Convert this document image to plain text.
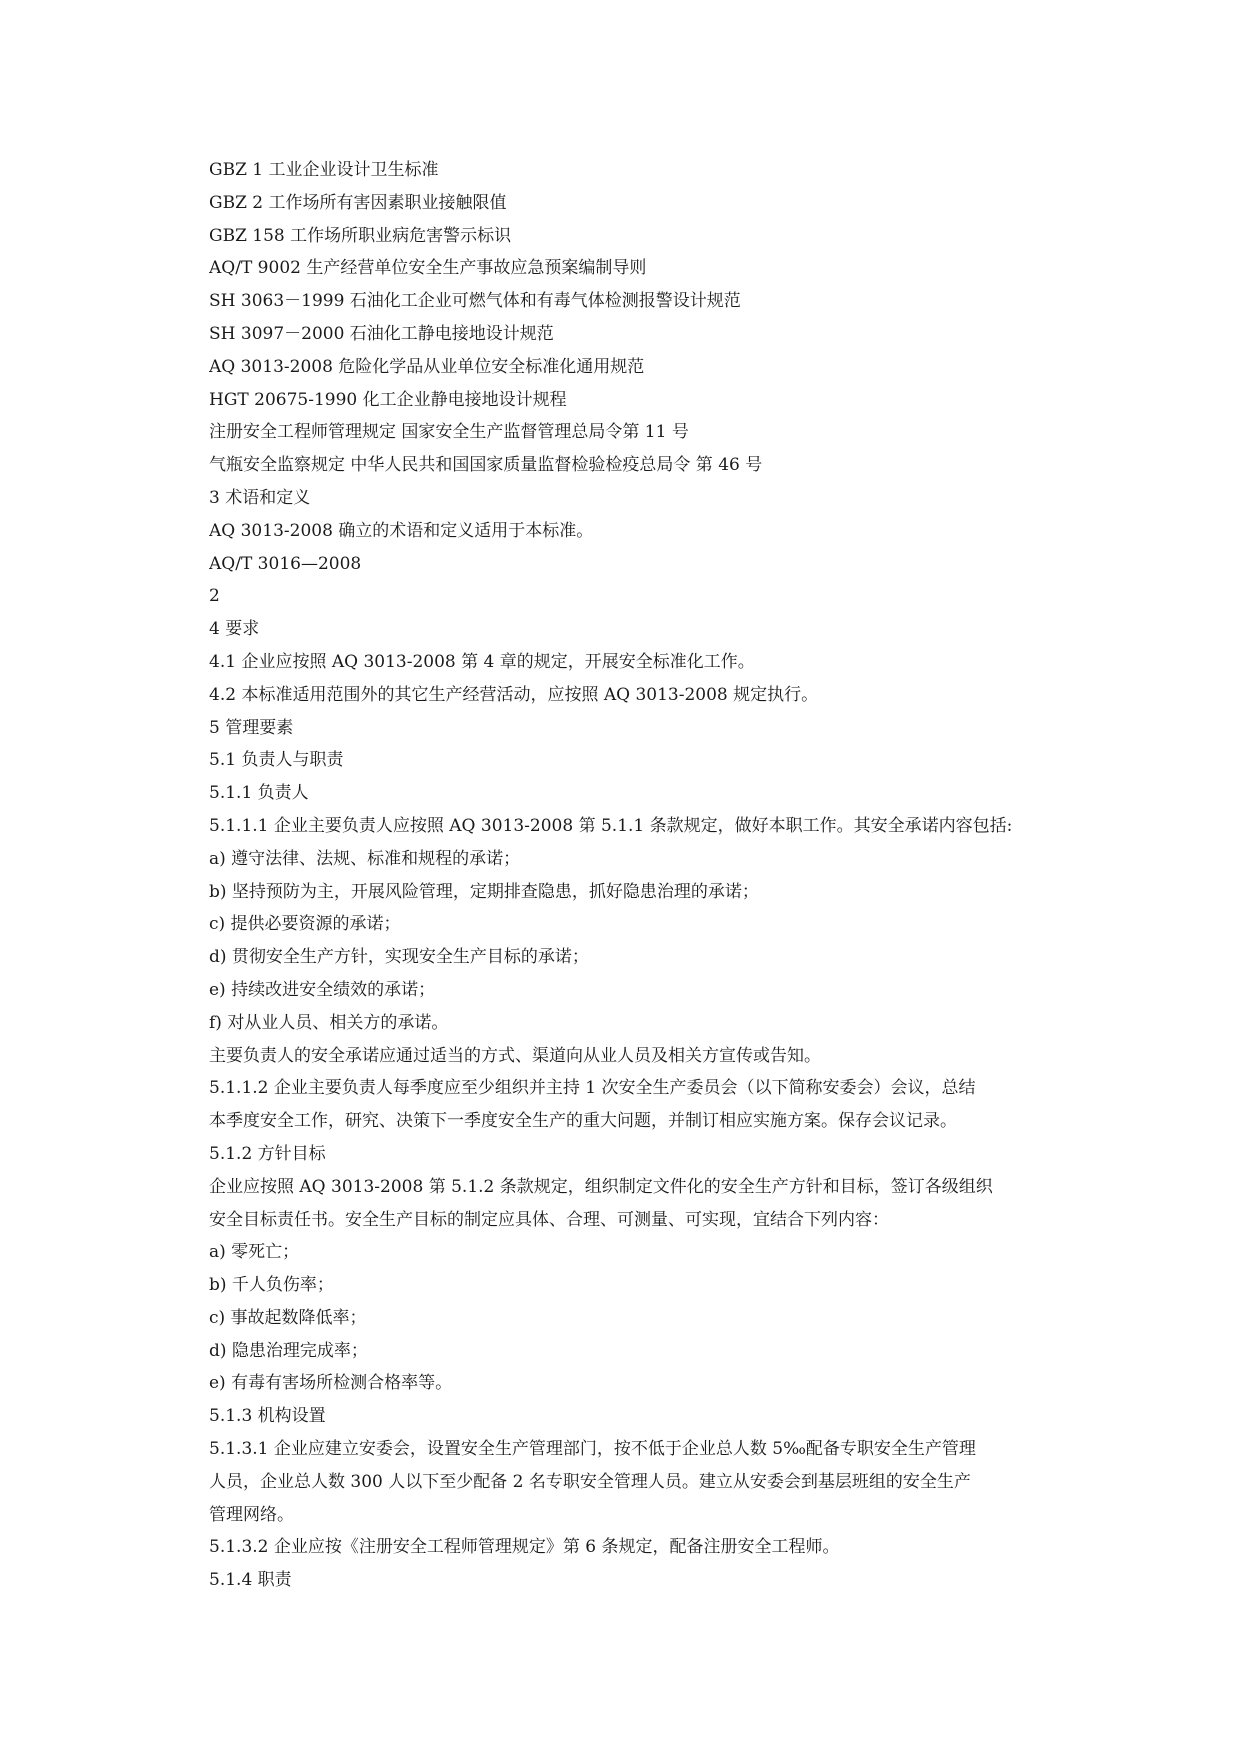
GBZ 1 工业企业设计卫生标准
GBZ 2 工作场所有害因素职业接触限值
GBZ 158 工作场所职业病危害警示标识
AQ/T 9002 生产经营单位安全生产事故应急预案编制导则
SH 3063－1999 石油化工企业可燃气体和有毒气体检测报警设计规范
SH 3097－2000 石油化工静电接地设计规范
AQ 3013-2008 危险化学品从业单位安全标准化通用规范
HGT 20675-1990 化工企业静电接地设计规程
注册安全工程师管理规定 国家安全生产监督管理总局令第 11 号
气瓶安全监察规定 中华人民共和国国家质量监督检验检疫总局令 第 46 号
3 术语和定义
AQ 3013-2008 确立的术语和定义适用于本标准。
AQ/T 3016—2008
2
4 要求
4.1 企业应按照 AQ 3013-2008 第 4 章的规定，开展安全标准化工作。
4.2 本标准适用范围外的其它生产经营活动，应按照 AQ 3013-2008 规定执行。
5 管理要素
5.1 负责人与职责
5.1.1 负责人
5.1.1.1 企业主要负责人应按照 AQ 3013-2008 第 5.1.1 条款规定，做好本职工作。其安全承诺内容包括:
a) 遵守法律、法规、标准和规程的承诺；
b) 坚持预防为主，开展风险管理，定期排查隐患，抓好隐患治理的承诺；
c) 提供必要资源的承诺；
d) 贯彻安全生产方针，实现安全生产目标的承诺；
e) 持续改进安全绩效的承诺；
f) 对从业人员、相关方的承诺。
主要负责人的安全承诺应通过适当的方式、渠道向从业人员及相关方宣传或告知。
5.1.1.2 企业主要负责人每季度应至少组织并主持 1 次安全生产委员会（以下简称安委会）会议，总结
本季度安全工作，研究、决策下一季度安全生产的重大问题，并制订相应实施方案。保存会议记录。
5.1.2 方针目标
企业应按照 AQ 3013-2008 第 5.1.2 条款规定，组织制定文件化的安全生产方针和目标，签订各级组织
安全目标责任书。安全生产目标的制定应具体、合理、可测量、可实现，宜结合下列内容：
a) 零死亡；
b) 千人负伤率；
c) 事故起数降低率；
d) 隐患治理完成率；
e) 有毒有害场所检测合格率等。
5.1.3 机构设置
5.1.3.1 企业应建立安委会，设置安全生产管理部门，按不低于企业总人数 5‰配备专职安全生产管理
人员，企业总人数 300 人以下至少配备 2 名专职安全管理人员。建立从安委会到基层班组的安全生产
管理网络。
5.1.3.2 企业应按《注册安全工程师管理规定》第 6 条规定，配备注册安全工程师。
5.1.4 职责
